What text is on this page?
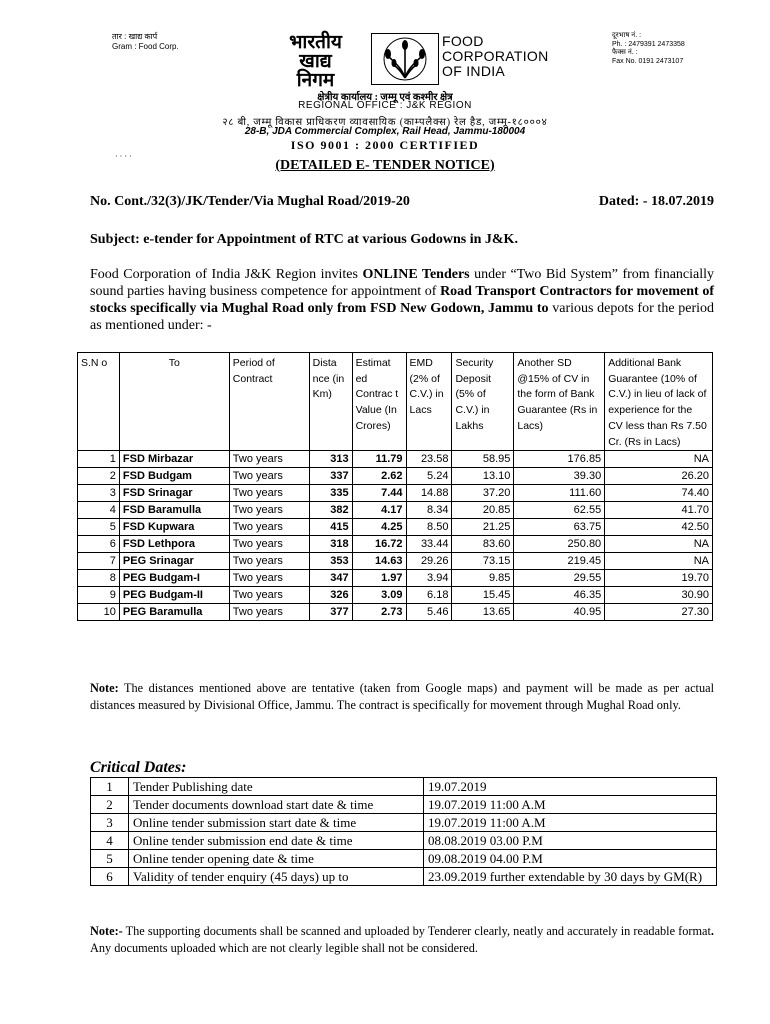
तार : खाद्य कार्प
Gram : Food Corp.	भारतीय
खाद्य
निगम
FOOD
CORPORATION
OF INDIA
दूरभाष नं. :
Ph. : 2479391 2473358
फैक्स नं. :
Fax No. 0191 2473107
क्षेत्रीय कार्यालय : जम्मू एवं कश्मीर क्षेत्र
REGIONAL OFFICE : J&K REGION
२८ बी, जम्मू विकास प्राधिकरण व्यावसायिक (काम्पलैक्स) रेल हैड, जम्मू-१८०००४
28-B, JDA Commercial Complex, Rail Head, Jammu-180004
ISO 9001 : 2000 CERTIFIED
· · · ·
(DETAILED E- TENDER NOTICE)
No. Cont./32(3)/JK/Tender/Via Mughal Road/2019-20	Dated: - 18.07.2019
Subject: e-tender for Appointment of RTC at various Godowns in J&K.
Food Corporation of India J&K Region invites ONLINE Tenders under “Two Bid System” from financially sound parties having business competence for appointment of Road Transport Contractors for movement of stocks specifically via Mughal Road only from FSD New Godown, Jammu to various depots for the period as mentioned under: -
S.N o	To	Period of Contract	Dista nce (in Km)	Estimat ed Contrac t Value (In Crores)	EMD (2% of C.V.) in Lacs	Security Deposit (5% of C.V.) in Lakhs	Another SD @15% of CV in the form of Bank Guarantee (Rs in Lacs)	Additional Bank Guarantee (10% of C.V.) in lieu of lack of experience for the CV less than Rs 7.50 Cr. (Rs in Lacs)
1	FSD Mirbazar	Two years	313	11.79	23.58	58.95	176.85	NA
2	FSD Budgam	Two years	337	2.62	5.24	13.10	39.30	26.20
3	FSD Srinagar	Two years	335	7.44	14.88	37.20	111.60	74.40
4	FSD Baramulla	Two years	382	4.17	8.34	20.85	62.55	41.70
5	FSD Kupwara	Two years	415	4.25	8.50	21.25	63.75	42.50
6	FSD Lethpora	Two years	318	16.72	33.44	83.60	250.80	NA
7	PEG Srinagar	Two years	353	14.63	29.26	73.15	219.45	NA
8	PEG Budgam-I	Two years	347	1.97	3.94	9.85	29.55	19.70
9	PEG Budgam-II	Two years	326	3.09	6.18	15.45	46.35	30.90
10	PEG Baramulla	Two years	377	2.73	5.46	13.65	40.95	27.30
Note: The distances mentioned above are tentative (taken from Google maps) and payment will be made as per actual distances measured by Divisional Office, Jammu. The contract is specifically for movement through Mughal Road only.
Critical Dates:
1	Tender Publishing date	19.07.2019
2	Tender documents download start date & time	19.07.2019 11:00 A.M
3	Online tender submission start date & time	19.07.2019 11:00 A.M
4	Online tender submission end date & time	08.08.2019 03.00 P.M
5	Online tender opening date & time	09.08.2019 04.00 P.M
6	Validity of tender enquiry (45 days) up to	23.09.2019 further extendable by 30 days by GM(R)
Note:- The supporting documents shall be scanned and uploaded by Tenderer clearly, neatly and accurately in readable format. Any documents uploaded which are not clearly legible shall not be considered.
